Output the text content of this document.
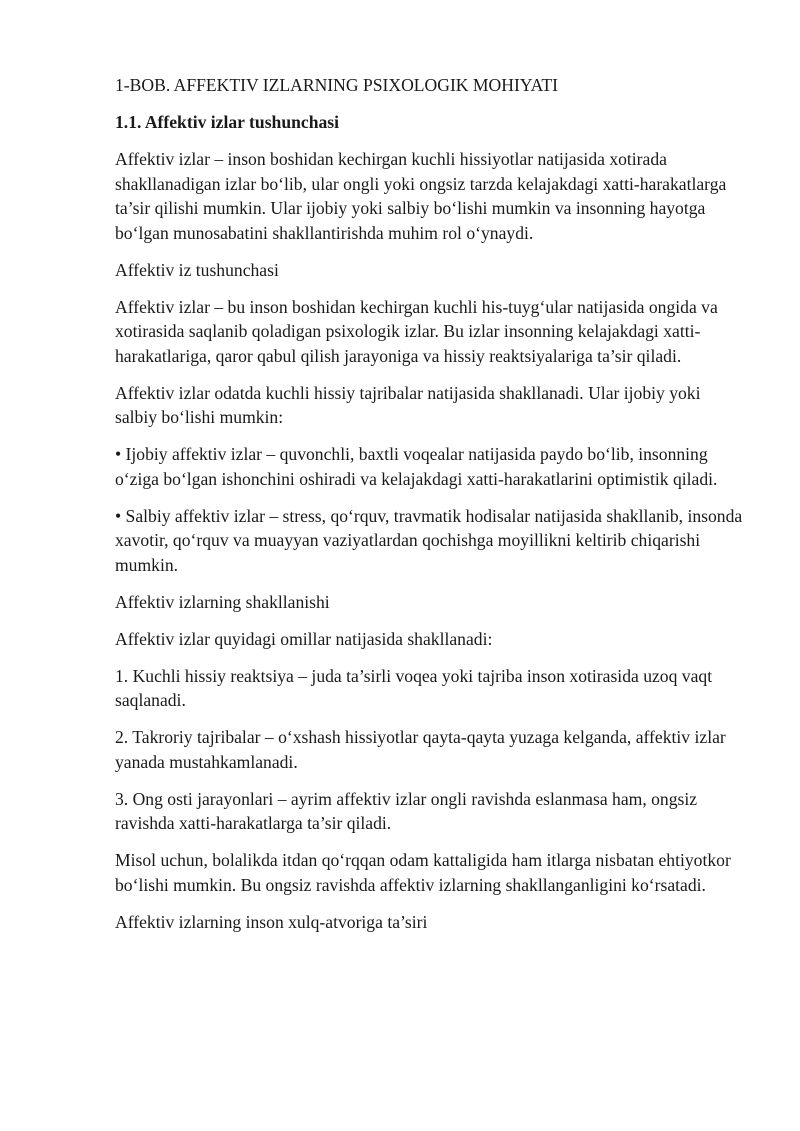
1-BOB. AFFEKTIV IZLARNING PSIXOLOGIK MOHIYATI

1.1. Affektiv izlar tushunchasi

Affektiv izlar – inson boshidan kechirgan kuchli hissiyotlar natijasida xotirada shakllanadigan izlar bo‘lib, ular ongli yoki ongsiz tarzda kelajakdagi xatti-harakatlarga ta’sir qilishi mumkin. Ular ijobiy yoki salbiy bo‘lishi mumkin va insonning hayotga bo‘lgan munosabatini shakllantirishda muhim rol o‘ynaydi.

Affektiv iz tushunchasi

Affektiv izlar – bu inson boshidan kechirgan kuchli his-tuyg‘ular natijasida ongida va xotirasida saqlanib qoladigan psixologik izlar. Bu izlar insonning kelajakdagi xatti-harakatlariga, qaror qabul qilish jarayoniga va hissiy reaktsiyalariga ta’sir qiladi.

Affektiv izlar odatda kuchli hissiy tajribalar natijasida shakllanadi. Ular ijobiy yoki salbiy bo‘lishi mumkin:

• Ijobiy affektiv izlar – quvonchli, baxtli voqealar natijasida paydo bo‘lib, insonning o‘ziga bo‘lgan ishonchini oshiradi va kelajakdagi xatti-harakatlarini optimistik qiladi.

• Salbiy affektiv izlar – stress, qo‘rquv, travmatik hodisalar natijasida shakllanib, insonda xavotir, qo‘rquv va muayyan vaziyatlardan qochishga moyillikni keltirib chiqarishi mumkin.

Affektiv izlarning shakllanishi

Affektiv izlar quyidagi omillar natijasida shakllanadi:

1. Kuchli hissiy reaktsiya – juda ta’sirli voqea yoki tajriba inson xotirasida uzoq vaqt saqlanadi.

2. Takroriy tajribalar – o‘xshash hissiyotlar qayta-qayta yuzaga kelganda, affektiv izlar yanada mustahkamlanadi.

3. Ong osti jarayonlari – ayrim affektiv izlar ongli ravishda eslanmasa ham, ongsiz ravishda xatti-harakatlarga ta’sir qiladi.

Misol uchun, bolalikda itdan qo‘rqqan odam kattaligida ham itlarga nisbatan ehtiyotkor bo‘lishi mumkin. Bu ongsiz ravishda affektiv izlarning shakllanganligini ko‘rsatadi.

Affektiv izlarning inson xulq-atvoriga ta’siri
